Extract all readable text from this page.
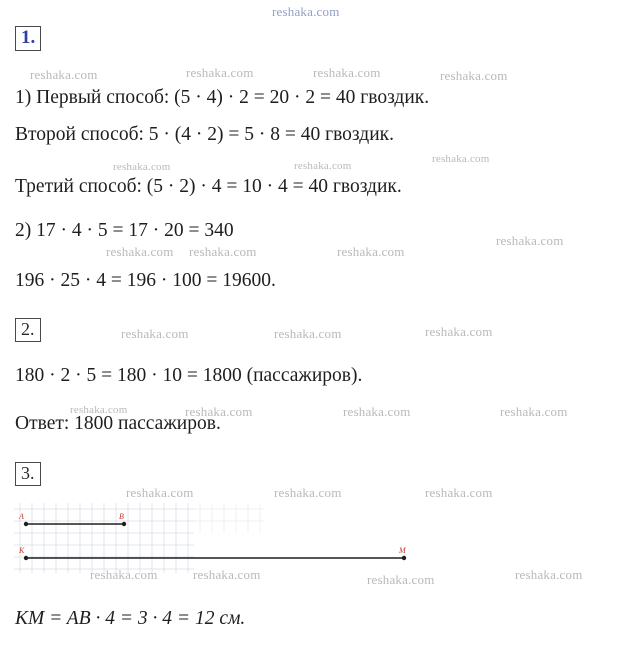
reshaka.com
reshaka.com	reshaka.com	reshaka.com	reshaka.com
reshaka.com	reshaka.com
reshaka.com
reshaka.com reshaka.com	reshaka.com
reshaka.com
reshaka.com	reshaka.com	reshaka.com
reshaka.com	reshaka.com	reshaka.com	reshaka.com
reshaka.com	reshaka.com	reshaka.com
reshaka.com	reshaka.com	reshaka.com	reshaka.com
1.
1) Первый способ: (5 · 4) · 2 = 20 · 2 = 40 гвоздик.
Второй способ: 5 · (4 · 2) = 5 · 8 = 40 гвоздик.
Третий способ: (5 · 2) · 4 = 10 · 4 = 40 гвоздик.
2) 17 · 4 · 5 = 17 · 20 = 340
196 · 25 · 4 = 196 · 100 = 19600.
2.
180 · 2 · 5 = 180 · 10 = 1800 (пассажиров).
Ответ: 1800 пассажиров.
3.
A	B
K	M
KM = AB · 4 = 3 · 4 = 12 см.
